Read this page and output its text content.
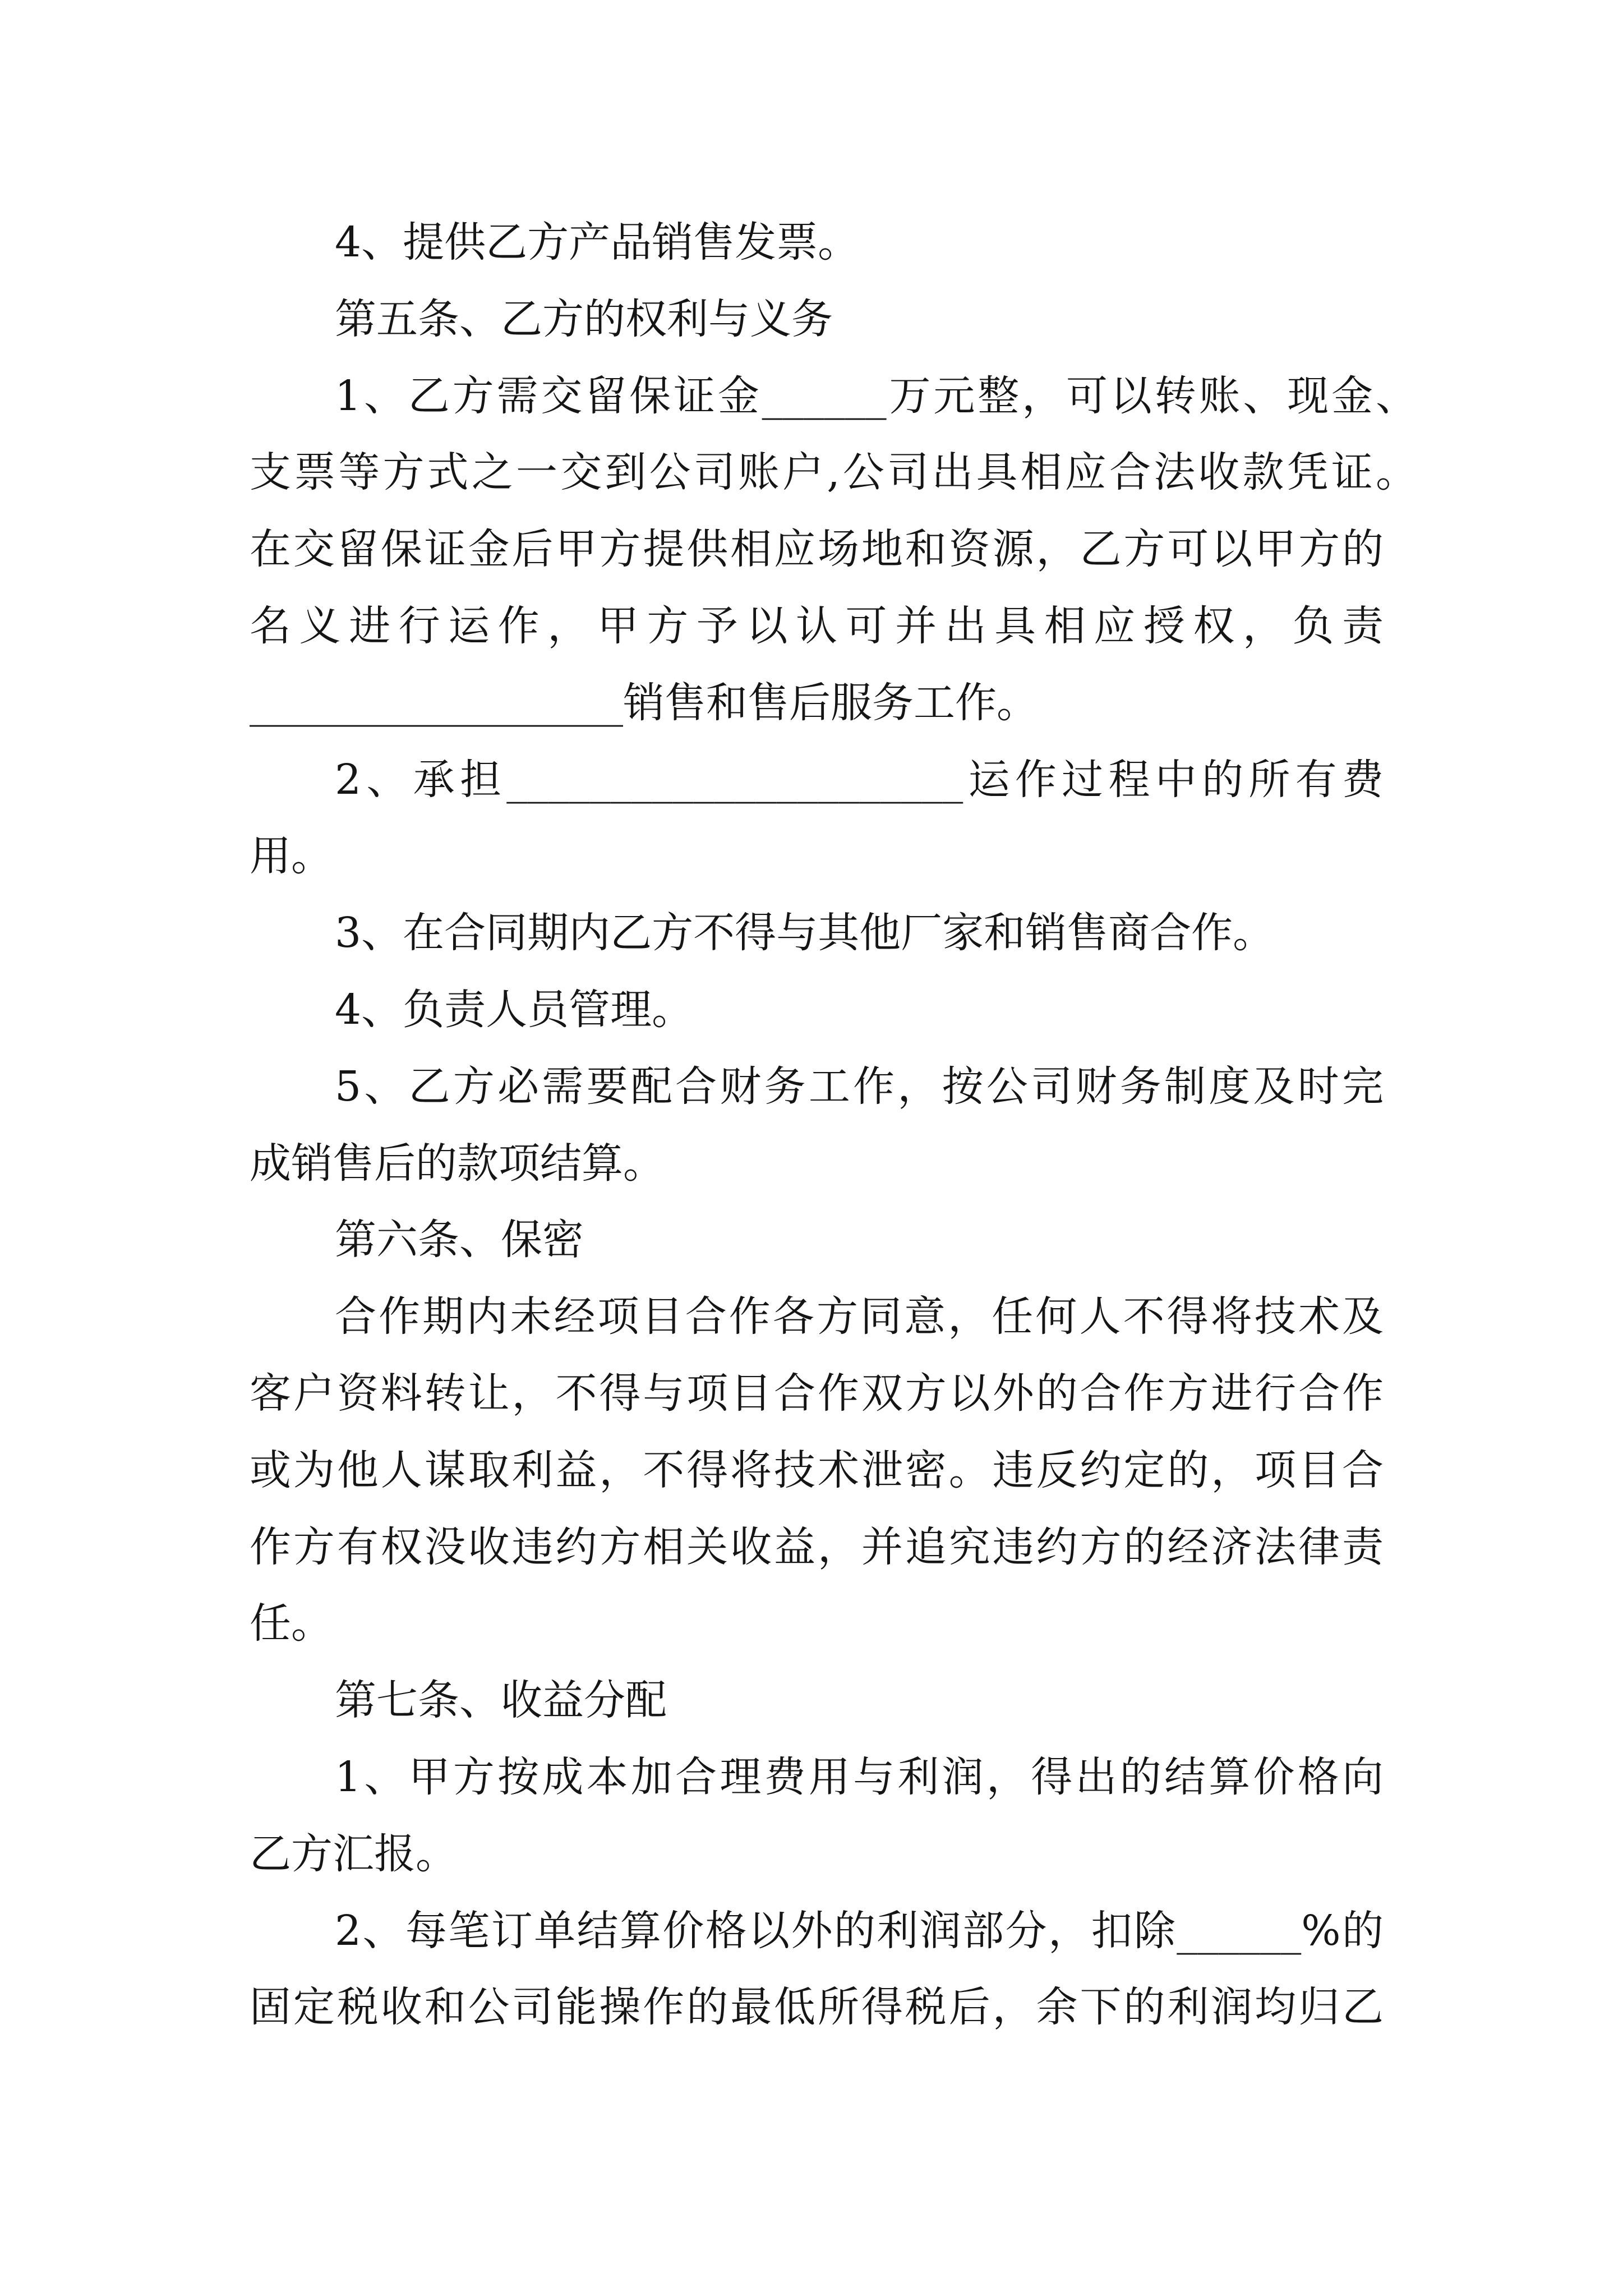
4、提供乙方产品销售发票。

第五条、乙方的权利与义务

1、乙方需交留保证金______万元整，可以转账、现金、

支票等方式之一交到公司账户,公司出具相应合法收款凭证。

在交留保证金后甲方提供相应场地和资源，乙方可以甲方的

名义进行运作，甲方予以认可并出具相应授权，负责

__________________销售和售后服务工作。

2、承担______________________运作过程中的所有费

用。

3、在合同期内乙方不得与其他厂家和销售商合作。

4、负责人员管理。

5、乙方必需要配合财务工作，按公司财务制度及时完

成销售后的款项结算。

第六条、保密

合作期内未经项目合作各方同意，任何人不得将技术及

客户资料转让，不得与项目合作双方以外的合作方进行合作

或为他人谋取利益，不得将技术泄密。违反约定的，项目合

作方有权没收违约方相关收益，并追究违约方的经济法律责

任。

第七条、收益分配

1、甲方按成本加合理费用与利润，得出的结算价格向

乙方汇报。

2、每笔订单结算价格以外的利润部分，扣除______%的

固定税收和公司能操作的最低所得税后，余下的利润均归乙
